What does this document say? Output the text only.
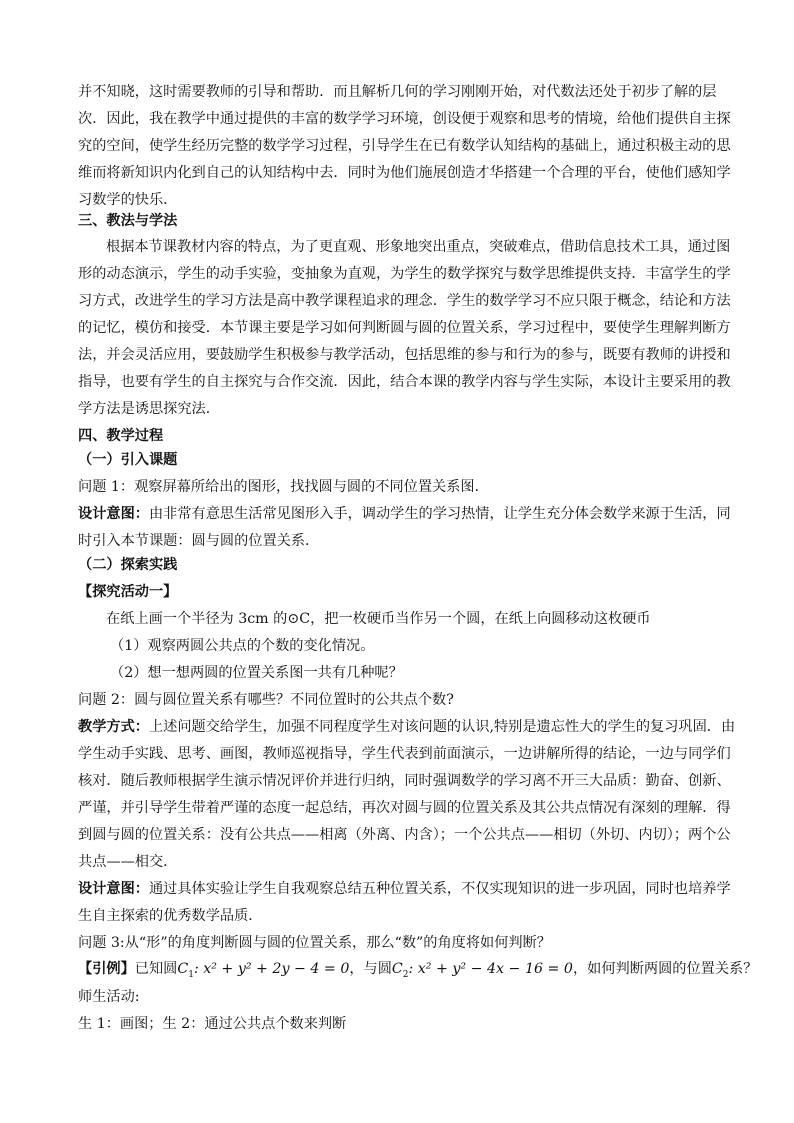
并不知晓，这时需要教师的引导和帮助．而且解析几何的学习刚刚开始，对代数法还处于初步了解的层
次．因此，我在教学中通过提供的丰富的数学学习环境，创设便于观察和思考的情境，给他们提供自主探
究的空间，使学生经历完整的数学学习过程，引导学生在已有数学认知结构的基础上，通过积极主动的思
维而将新知识内化到自己的认知结构中去．同时为他们施展创造才华搭建一个合理的平台，使他们感知学
习数学的快乐．
三、教法与学法
根据本节课教材内容的特点，为了更直观、形象地突出重点，突破难点，借助信息技术工具，通过图
形的动态演示，学生的动手实验，变抽象为直观，为学生的数学探究与数学思维提供支持．丰富学生的学
习方式，改进学生的学习方法是高中教学课程追求的理念．学生的数学学习不应只限于概念，结论和方法
的记忆，模仿和接受．本节课主要是学习如何判断圆与圆的位置关系，学习过程中，要使学生理解判断方
法，并会灵活应用，要鼓励学生积极参与教学活动，包括思维的参与和行为的参与，既要有教师的讲授和
指导，也要有学生的自主探究与合作交流．因此，结合本课的教学内容与学生实际，本设计主要采用的教
学方法是诱思探究法．
四、教学过程
（一）引入课题
问题 1：观察屏幕所给出的图形，找找圆与圆的不同位置关系图．
设计意图：由非常有意思生活常见图形入手，调动学生的学习热情，让学生充分体会数学来源于生活，同
时引入本节课题：圆与圆的位置关系．
（二）探索实践
【探究活动一】
在纸上画一个半径为 3cm 的⊙C，把一枚硬币当作另一个圆，在纸上向圆移动这枚硬币
（1）观察两圆公共点的个数的变化情况。
（2）想一想两圆的位置关系图一共有几种呢？
问题 2：圆与圆位置关系有哪些？不同位置时的公共点个数?
教学方式：上述问题交给学生，加强不同程度学生对该问题的认识,特别是遗忘性大的学生的复习巩固．由
学生动手实践、思考、画图，教师巡视指导，学生代表到前面演示，一边讲解所得的结论，一边与同学们
核对．随后教师根据学生演示情况评价并进行归纳，同时强调数学的学习离不开三大品质：勤奋、创新、
严谨，并引导学生带着严谨的态度一起总结，再次对圆与圆的位置关系及其公共点情况有深刻的理解．得
到圆与圆的位置关系：没有公共点——相离（外离、内含）；一个公共点——相切（外切、内切）；两个公
共点——相交．
设计意图：通过具体实验让学生自我观察总结五种位置关系，不仅实现知识的进一步巩固，同时也培养学
生自主探索的优秀数学品质．
问题 3:从“形”的角度判断圆与圆的位置关系，那么“数”的角度将如何判断？
【引例】已知圆$C_1$: x² + y² + 2y − 4 = 0，与圆$C_2$: x² + y² − 4x − 16 = 0，如何判断两圆的位置关系？
师生活动:
生 1：画图；生 2：通过公共点个数来判断
